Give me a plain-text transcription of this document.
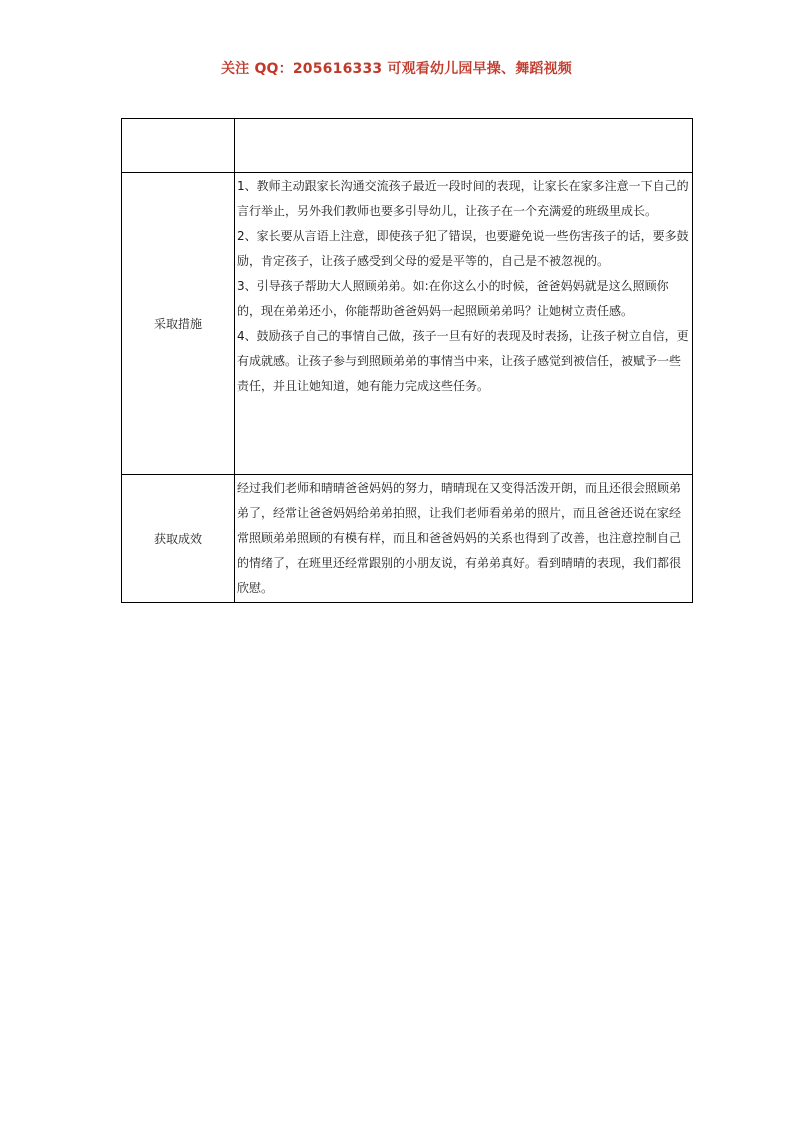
关注 QQ：205616333 可观看幼儿园早操、舞蹈视频

采取措施	1、教师主动跟家长沟通交流孩子最近一段时间的表现，让家长在家多注意一下自己的言行举止，另外我们教师也要多引导幼儿，让孩子在一个充满爱的班级里成长。

2、家长要从言语上注意，即使孩子犯了错误，也要避免说一些伤害孩子的话，要多鼓励，肯定孩子，让孩子感受到父母的爱是平等的，自己是不被忽视的。

3、引导孩子帮助大人照顾弟弟。如:在你这么小的时候，爸爸妈妈就是这么照顾你的，现在弟弟还小，你能帮助爸爸妈妈一起照顾弟弟吗？让她树立责任感。

4、鼓励孩子自己的事情自己做，孩子一旦有好的表现及时表扬，让孩子树立自信，更有成就感。让孩子参与到照顾弟弟的事情当中来，让孩子感觉到被信任，被赋予一些责任，并且让她知道，她有能力完成这些任务。

获取成效	经过我们老师和晴晴爸爸妈妈的努力，晴晴现在又变得活泼开朗，而且还很会照顾弟弟了，经常让爸爸妈妈给弟弟拍照，让我们老师看弟弟的照片，而且爸爸还说在家经常照顾弟弟照顾的有模有样，而且和爸爸妈妈的关系也得到了改善，也注意控制自己的情绪了，在班里还经常跟别的小朋友说，有弟弟真好。看到晴晴的表现，我们都很欣慰。
